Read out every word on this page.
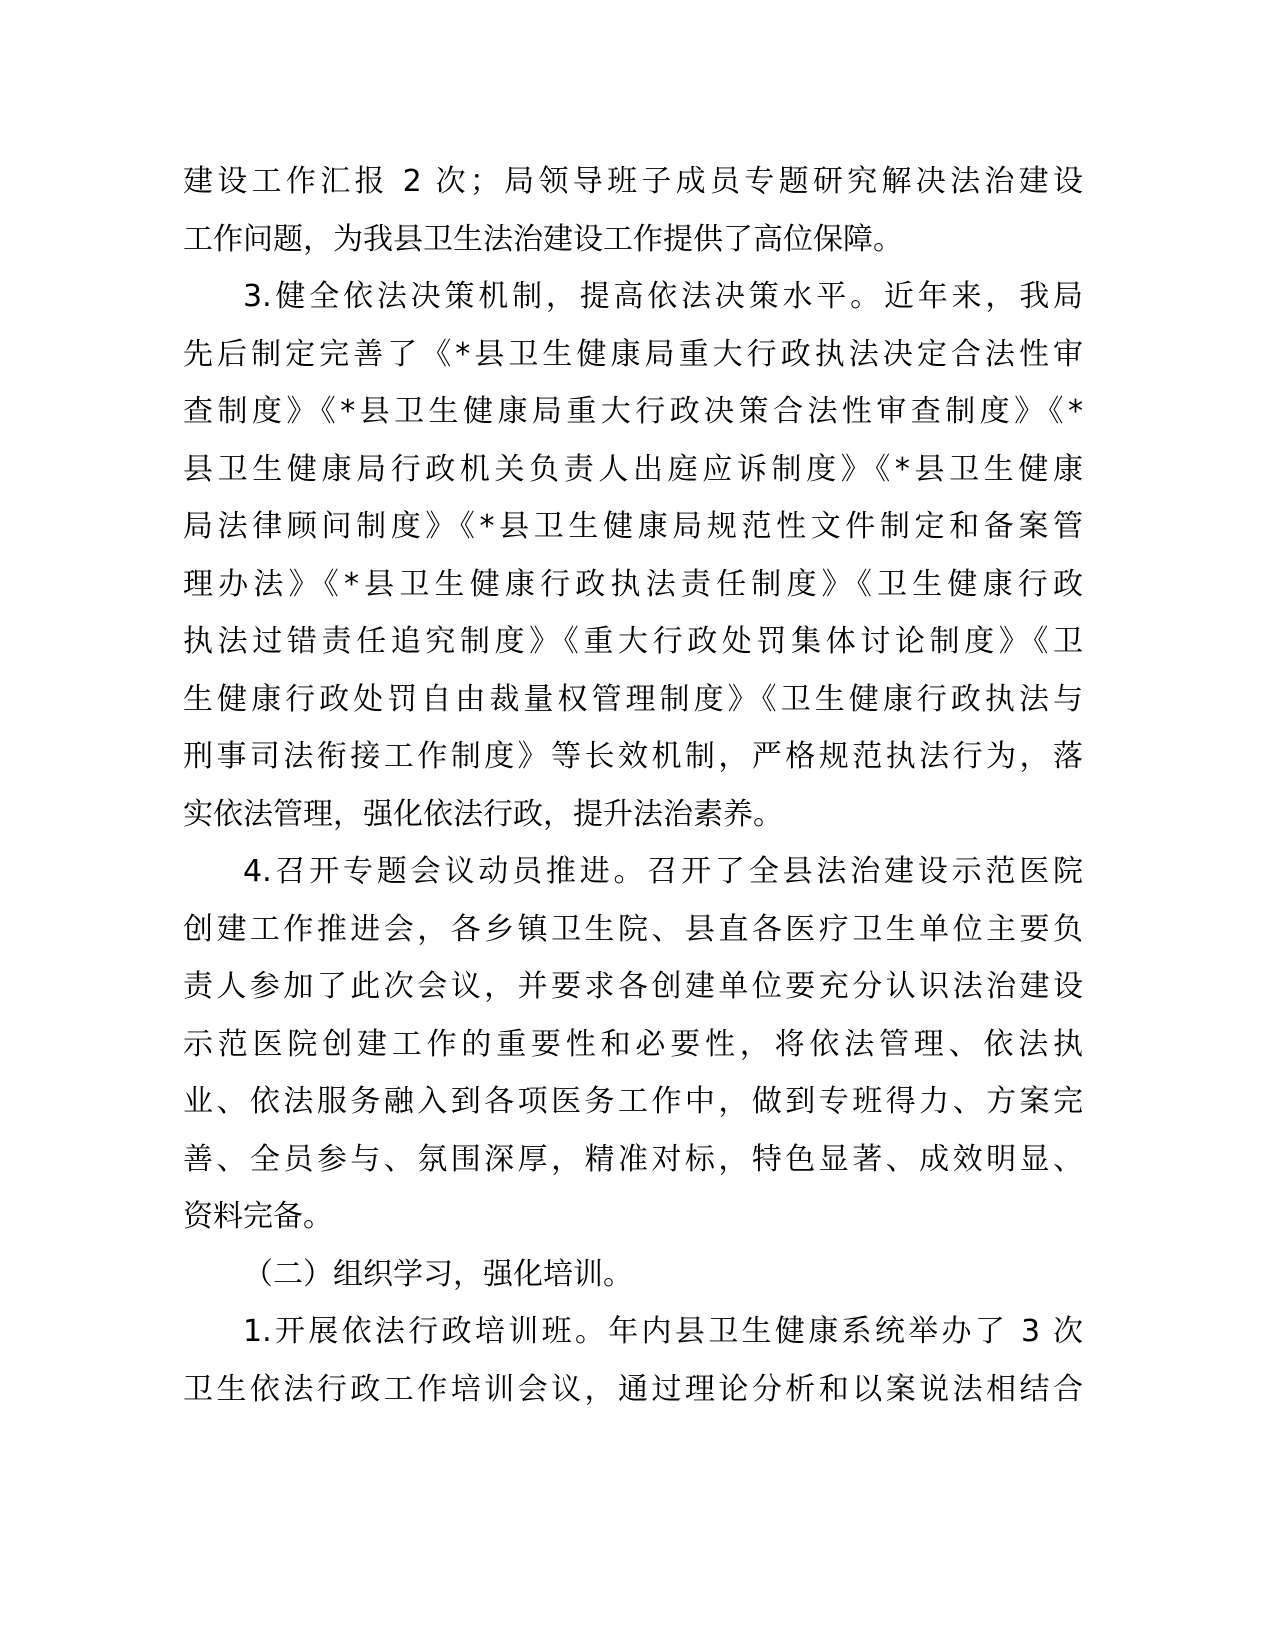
建设工作汇报 2 次；局领导班子成员专题研究解决法治建设
工作问题，为我县卫生法治建设工作提供了高位保障。
3.健全依法决策机制，提高依法决策水平。近年来，我局
先后制定完善了《*县卫生健康局重大行政执法决定合法性审
查制度》《*县卫生健康局重大行政决策合法性审查制度》《*
县卫生健康局行政机关负责人出庭应诉制度》《*县卫生健康
局法律顾问制度》《*县卫生健康局规范性文件制定和备案管
理办法》《*县卫生健康行政执法责任制度》《卫生健康行政
执法过错责任追究制度》《重大行政处罚集体讨论制度》《卫
生健康行政处罚自由裁量权管理制度》《卫生健康行政执法与
刑事司法衔接工作制度》等长效机制，严格规范执法行为，落
实依法管理，强化依法行政，提升法治素养。
4.召开专题会议动员推进。召开了全县法治建设示范医院
创建工作推进会，各乡镇卫生院、县直各医疗卫生单位主要负
责人参加了此次会议，并要求各创建单位要充分认识法治建设
示范医院创建工作的重要性和必要性，将依法管理、依法执
业、依法服务融入到各项医务工作中，做到专班得力、方案完
善、全员参与、氛围深厚，精准对标，特色显著、成效明显、
资料完备。
（二）组织学习，强化培训。
1.开展依法行政培训班。年内县卫生健康系统举办了 3 次
卫生依法行政工作培训会议，通过理论分析和以案说法相结合
